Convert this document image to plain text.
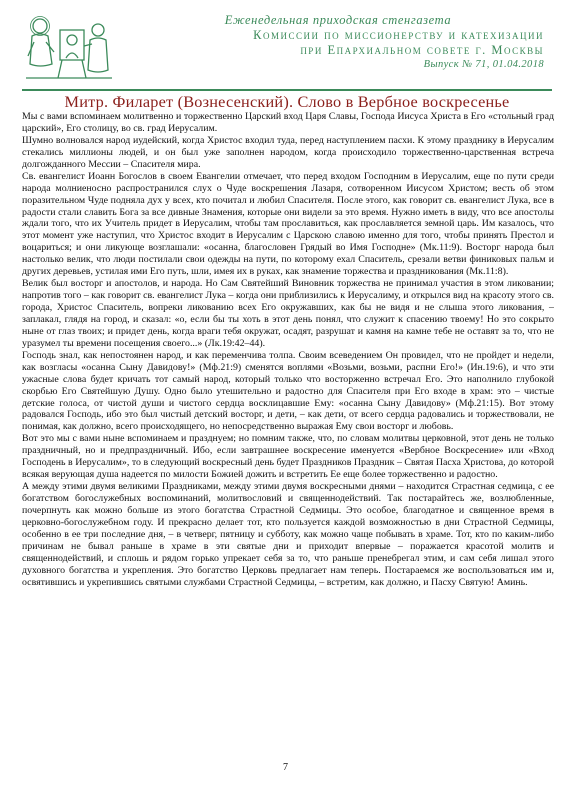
Еженедельная приходская стенгазета
Комиссии по миссионерству и катехизации
при Епархиальном совете г. Москвы
Выпуск № 71, 01.04.2018
Митр. Филарет (Вознесенский). Слово в Вербное воскресенье

Мы с вами вспоминаем молитвенно и торжественно Царский вход Царя Славы, Господа Иисуса Христа в Его «стольный град царский», Его столицу, во св. град Иерусалим.

Шумно волновался народ иудейский, когда Христос входил туда, перед наступлением пасхи. К этому празднику в Иерусалим стекались миллионы людей, и он был уже заполнен народом, когда происходило торжественно-царственная встреча долгожданного Мессии – Спасителя мира.

Св. евангелист Иоанн Богослов в своем Евангелии отмечает, что перед входом Господним в Иерусалим, еще по пути среди народа молниеносно распространился слух о Чуде воскрешения Лазаря, сотворенном Иисусом Христом; весть об этом поразительном Чуде подняла дух у всех, кто почитал и любил Спасителя. После этого, как говорит св. евангелист Лука, все в радости стали славить Бога за все дивные Знамения, которые они видели за это время. Нужно иметь в виду, что все апостолы ждали того, что их Учитель придет в Иерусалим, чтобы там прославиться, как прославляется земной царь. Им казалось, что этот момент уже наступил, что Христос входит в Иерусалим с Царскою славою именно для того, чтобы принять Престол и воцариться; и они ликующе возглашали: «осанна, благословен Грядый во Имя Господне» (Мк.11:9). Восторг народа был настолько велик, что люди постилали свои одежды на пути, по которому ехал Спаситель, срезали ветви финиковых пальм и других деревьев, устилая ими Его путь, шли, имея их в руках, как знамение торжества и праздникования (Мк.11:8).

Велик был восторг и апостолов, и народа. Но Сам Святейший Виновник торжества не принимал участия в этом ликовании; напротив того – как говорит св. евангелист Лука – когда они приблизились к Иерусалиму, и открылся вид на красоту этого св. города, Христос Спаситель, вопреки ликованию всех Его окружавших, как бы не видя и не слыша этого ликования, – заплакал, глядя на город, и сказал: «о, если бы ты хоть в этот день понял, что служит к спасению твоему! Но это сокрыто ныне от глаз твоих; и придет день, когда враги тебя окружат, осадят, разрушат и камня на камне тебе не оставят за то, что не уразумел ты времени посещения своего...» (Лк.19:42–44).

Господь знал, как непостоянен народ, и как переменчива толпа. Своим всеведением Он провидел, что не пройдет и недели, как возгласы «осанна Сыну Давидову!» (Мф.21:9) сменятся воплями «Возьми, возьми, распни Его!» (Ин.19:6), и что эти ужасные слова будет кричать тот самый народ, который только что восторженно встречал Его. Это наполнило глубокой скорбью Его Святейшую Душу. Одно было утешительно и радостно для Спасителя при Его входе в храм: это – чистые детские голоса, от чистой души и чистого сердца восклицавшие Ему: «осанна Сыну Давидову» (Мф.21:15). Вот этому радовался Господь, ибо это был чистый детский восторг, и дети, – как дети, от всего сердца радовались и торжествовали, не понимая, как должно, всего происходящего, но непосредственно выражая Ему свои восторг и любовь.

Вот это мы с вами ныне вспоминаем и празднуем; но помним также, что, по словам молитвы церковной, этот день не только праздничный, но и предпраздничный. Ибо, если завтрашнее воскресение именуется «Вербное Воскресение» или «Вход Господень в Иерусалим», то в следующий воскресный день будет Праздников Праздник – Святая Пасха Христова, до которой всякая верующая душа надеется по милости Божией дожить и встретить Ее еще более торжественно и радостно.

А между этими двумя великими Праздниками, между этими двумя воскресными днями – находится Страстная седмица, с ее богатством богослужебных воспоминаний, молитвословий и священнодействий. Так постарайтесь же, возлюбленные, почерпнуть как можно больше из этого богатства Страстной Седмицы. Это особое, благодатное и священное время в церковно-богослужебном году. И прекрасно делает тот, кто пользуется каждой возможностью в дни Страстной Седмицы, особенно в ее три последние дня, – в четверг, пятницу и субботу, как можно чаще побывать в храме. Тот, кто по каким-либо причинам не бывал раньше в храме в эти святые дни и приходит впервые – поражается красотой молитв и священнодействий, и сплошь и рядом горько упрекает себя за то, что раньше пренебрегал этим, и сам себя лишал этого духовного богатства и укрепления. Это богатство Церковь предлагает нам теперь. Постараемся же воспользоваться им и, освятившись и укрепившись святыми службами Страстной Седмицы, – встретим, как должно, и Пасху Святую! Аминь.

7
